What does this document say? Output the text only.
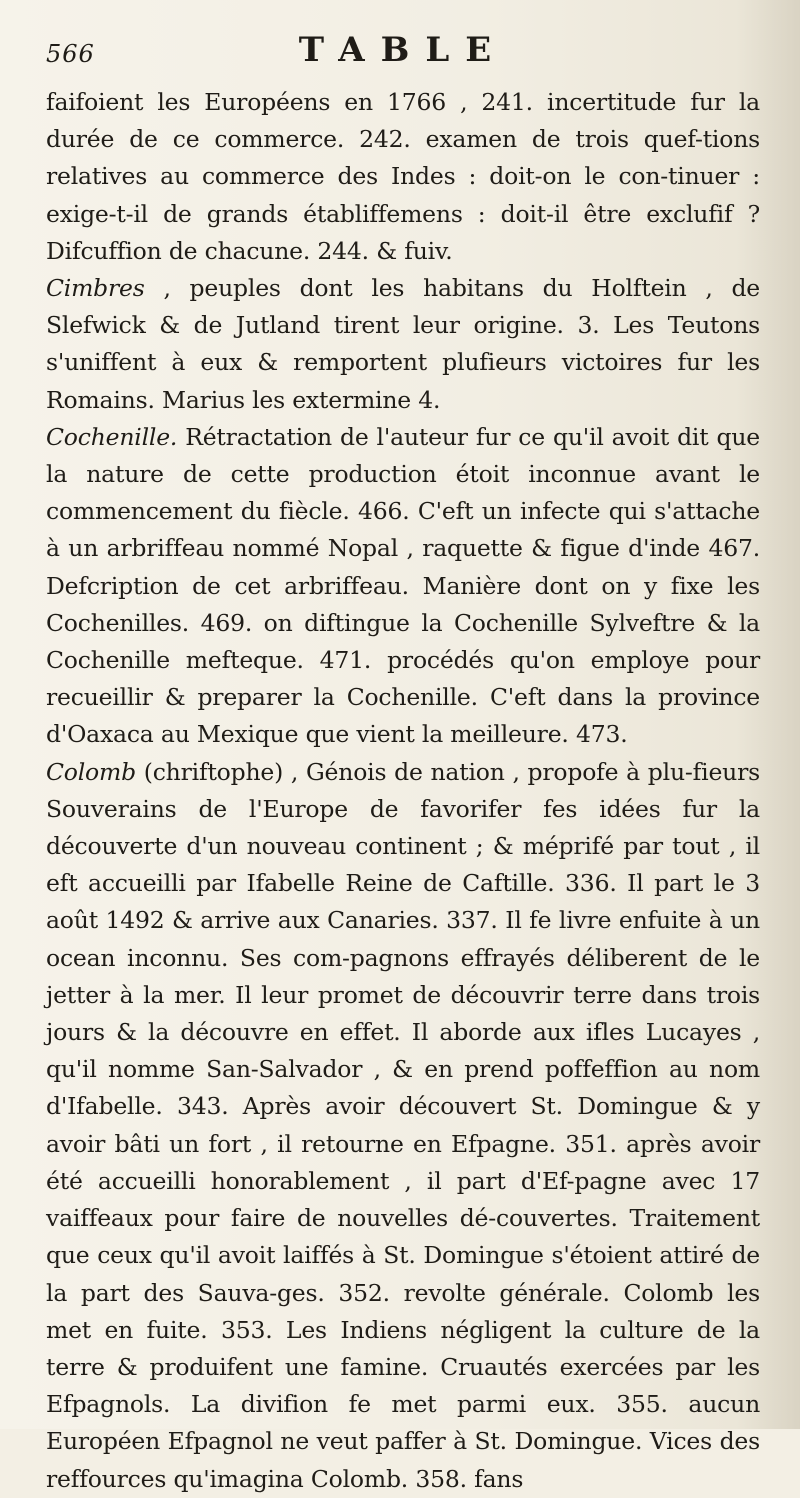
566	TABLE

faifoient les Européens en 1766 , 241. incertitude fur la durée de ce commerce. 242. examen de trois quef-tions relatives au commerce des Indes : doit-on le con-tinuer : exige-t-il de grands établiffemens : doit-il être exclufif ? Difcuffion de chacune. 244. & fuiv.

Cimbres , peuples dont les habitans du Holftein , de Slefwick & de Jutland tirent leur origine. 3. Les Teutons s'uniffent à eux & remportent plufieurs victoires fur les Romains. Marius les extermine 4.

Cochenille. Rétractation de l'auteur fur ce qu'il avoit dit que la nature de cette production étoit inconnue avant le commencement du fiècle. 466. C'eft un infecte qui s'attache à un arbriffeau nommé Nopal , raquette & figue d'inde 467. Defcription de cet arbriffeau. Manière dont on y fixe les Cochenilles. 469. on diftingue la Cochenille Sylveftre & la Cochenille mefteque. 471. procédés qu'on employe pour recueillir & preparer la Cochenille. C'eft dans la province d'Oaxaca au Mexique que vient la meilleure. 473.

Colomb (chriftophe) , Génois de nation , propofe à plu-fieurs Souverains de l'Europe de favorifer fes idées fur la découverte d'un nouveau continent ; & méprifé par tout , il eft accueilli par Ifabelle Reine de Caftille. 336. Il part le 3 août 1492 & arrive aux Canaries. 337. Il fe livre enfuite à un ocean inconnu. Ses com-pagnons effrayés déliberent de le jetter à la mer. Il leur promet de découvrir terre dans trois jours & la découvre en effet. Il aborde aux ifles Lucayes , qu'il nomme San-Salvador , & en prend poffeffion au nom d'Ifabelle. 343. Après avoir découvert St. Domingue & y avoir bâti un fort , il retourne en Efpagne. 351. après avoir été accueilli honorablement , il part d'Ef-pagne avec 17 vaiffeaux pour faire de nouvelles dé-couvertes. Traitement que ceux qu'il avoit laiffés à St. Domingue s'étoient attiré de la part des Sauva-ges. 352. revolte générale. Colomb les met en fuite. 353. Les Indiens négligent la culture de la terre & produifent une famine. Cruautés exercées par les Efpagnols. La divifion fe met parmi eux. 355. aucun Européen Efpagnol ne veut paffer à St. Domingue. Vices des reffources qu'imagina Colomb. 358. fans
